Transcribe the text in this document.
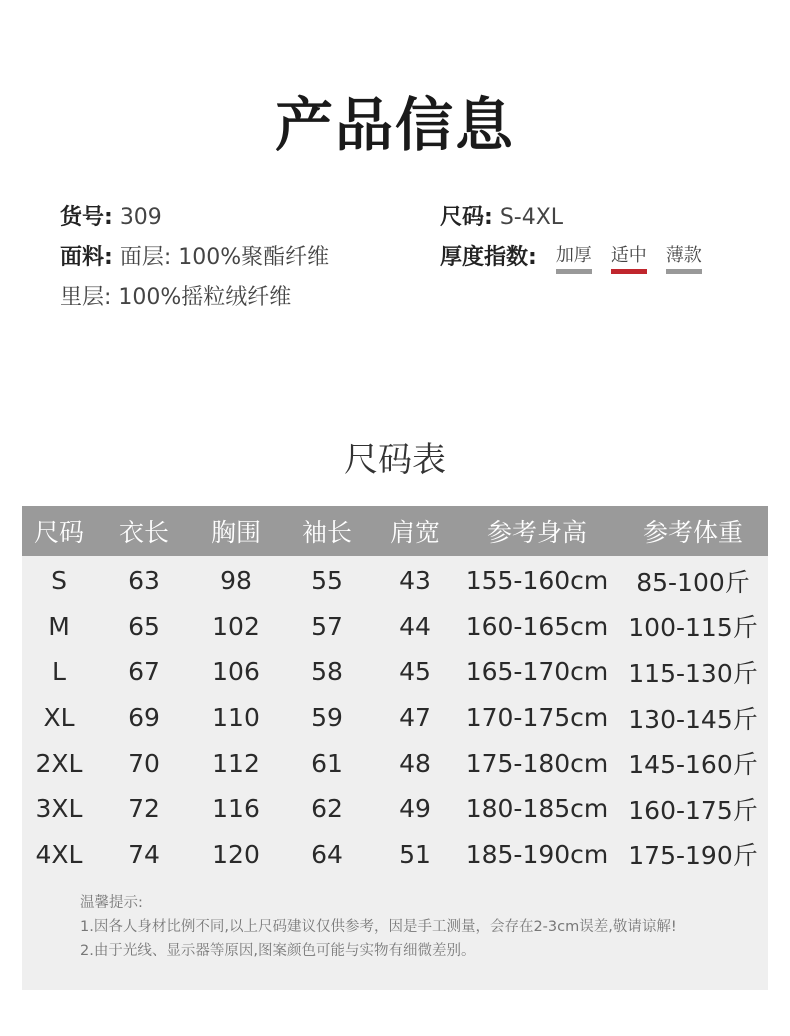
产品信息
货号: 309	尺码: S-4XL
面料: 面层: 100%聚酯纤维	厚度指数: 加厚 适中 薄款
里层: 100%摇粒绒纤维
尺码表
尺码	衣长	胸围	袖长	肩宽	参考身高	参考体重
S	63	98	55	43	155-160cm	85-100斤
M	65	102	57	44	160-165cm	100-115斤
L	67	106	58	45	165-170cm	115-130斤
XL	69	110	59	47	170-175cm	130-145斤
2XL	70	112	61	48	175-180cm	145-160斤
3XL	72	116	62	49	180-185cm	160-175斤
4XL	74	120	64	51	185-190cm	175-190斤
温馨提示:
1.因各人身材比例不同,以上尺码建议仅供参考，因是手工测量，会存在2-3cm误差,敬请谅解!
2.由于光线、显示器等原因,图案颜色可能与实物有细微差别。
